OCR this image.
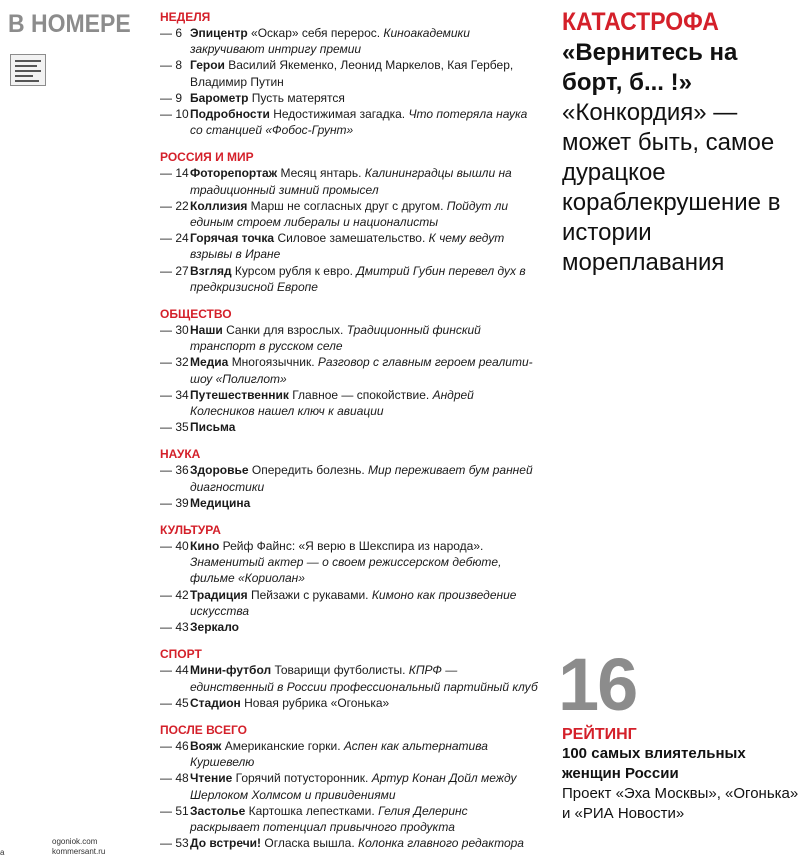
В НОМЕРЕ НЕДЕЛЯ
— 6 Эпицентр «Оскар» себя перерос. Киноакадемики закручивают интригу премии
— 8 Герои Василий Якеменко, Леонид Маркелов, Кая Гербер, Владимир Путин
— 9 Барометр Пусть матерятся
— 10 Подробности Недостижимая загадка. Что потеряла наука со станцией «Фобос-Грунт»
РОССИЯ И МИР
— 14 Фоторепортаж Месяц янтарь. Калининградцы вышли на традиционный зимний промысел
— 22 Коллизия Марш не согласных друг с другом. Пойдут ли единым строем либералы и националисты
— 24 Горячая точка Силовое замешательство. К чему ведут взрывы в Иране
— 27 Взгляд Курсом рубля к евро. Дмитрий Губин перевел дух в предкризисной Европе
ОБЩЕСТВО
— 30 Наши Санки для взрослых. Традиционный финский транспорт в русском селе
— 32 Медиа Многоязычник. Разговор с главным героем реалити-шоу «Полиглот»
— 34 Путешественник Главное — спокойствие. Андрей Колесников нашел ключ к авиации
— 35 Письма
НАУКА
— 36 Здоровье Опередить болезнь. Мир переживает бум ранней диагностики
— 39 Медицина
КУЛЬТУРА
— 40 Кино Рейф Файнс: «Я верю в Шекспира из народа». Знаменитый актер — о своем режиссерском дебюте, фильме «Кориолан»
— 42 Традиция Пейзажи с рукавами. Кимоно как произведение искусства
— 43 Зеркало
СПОРТ
— 44 Мини-футбол Товарищи футболисты. КПРФ — единственный в России профессиональный партийный клуб
— 45 Стадион Новая рубрика «Огонька»
ПОСЛЕ ВСЕГО
— 46 Вояж Американские горки. Аспен как альтернатива Куршевелю
— 48 Чтение Горячий потусторонник. Артур Конан Дойл между Шерлоком Холмсом и привидениями
— 51 Застолье Картошка лепестками. Гелия Делеринс раскрывает потенциал привычного продукта
— 53 До встречи! Огласка вышла. Колонка главного редактора
КАТАСТРОФА
«Вернитесь на борт, б... !»
«Конкордия» — может быть, самое дурацкое кораблекрушение в истории мореплавания
16
РЕЙТИНГ
100 самых влиятельных женщин России
Проект «Эха Москвы», «Огонька» и «РИА Новости»
ogoniok.com
kommersant.ru
a
